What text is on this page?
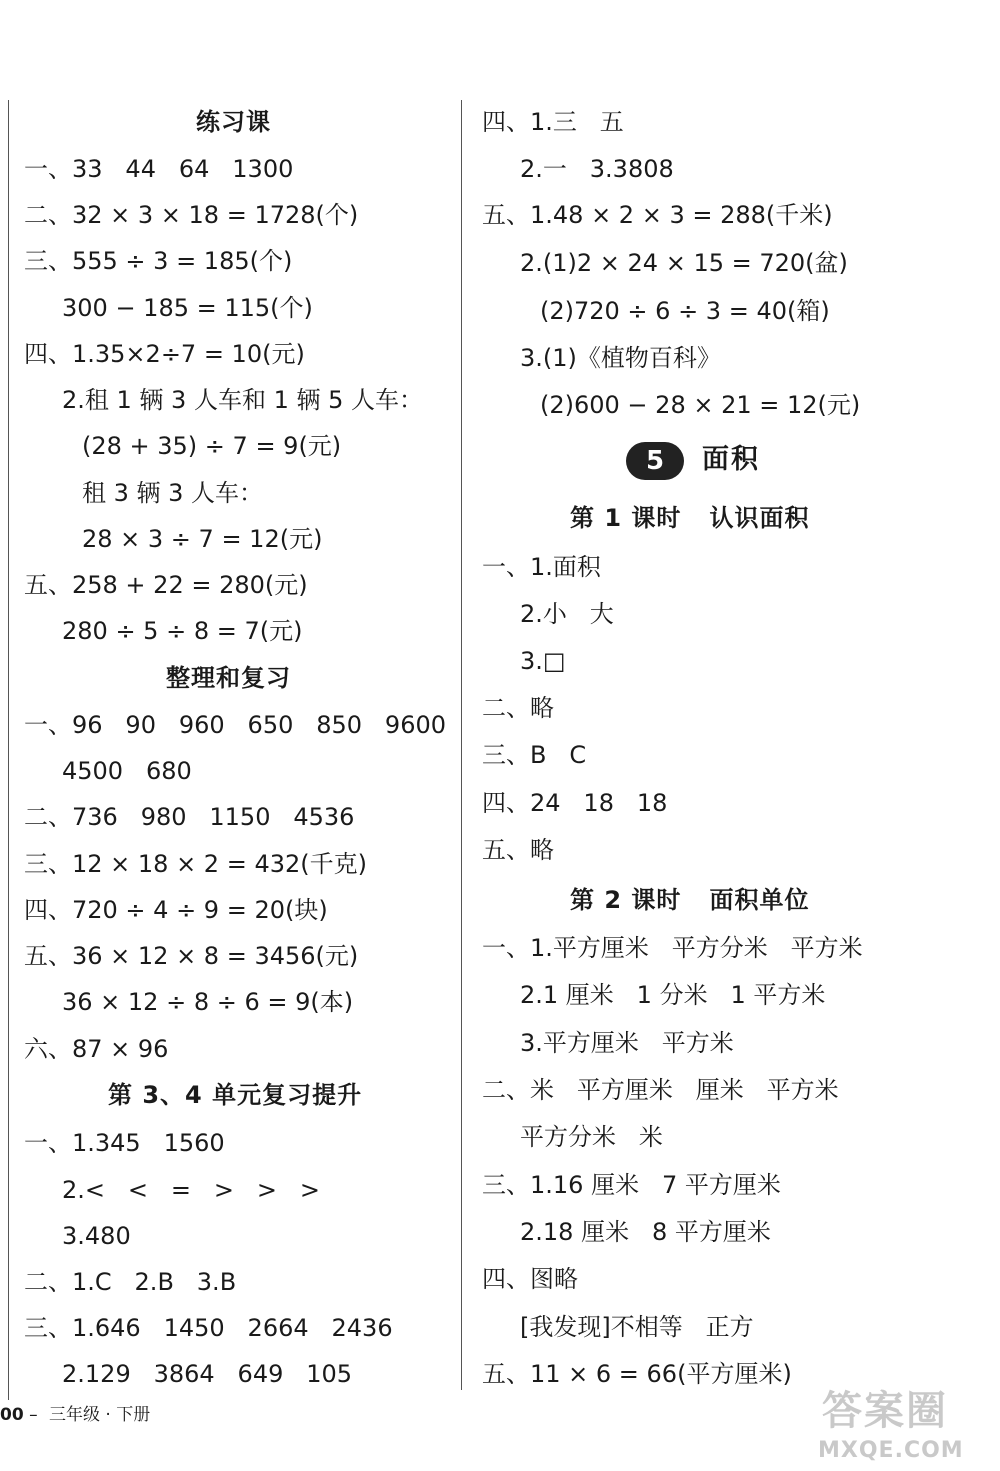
练习课
一、33   44   64   1300
二、32 × 3 × 18 = 1728(个)
三、555 ÷ 3 = 185(个)
300 − 185 = 115(个)
四、1.35×2÷7 = 10(元)
2.租 1 辆 3 人车和 1 辆 5 人车：
(28 + 35) ÷ 7 = 9(元)
租 3 辆 3 人车：
28 × 3 ÷ 7 = 12(元)
五、258 + 22 = 280(元)
280 ÷ 5 ÷ 8 = 7(元)
整理和复习
一、96   90   960   650   850   9600
4500   680
二、736   980   1150   4536
三、12 × 18 × 2 = 432(千克)
四、720 ÷ 4 ÷ 9 = 20(块)
五、36 × 12 × 8 = 3456(元)
36 × 12 ÷ 8 ÷ 6 = 9(本)
六、87 × 96
第 3、4 单元复习提升
一、1.345   1560
2.<   <   =   >   >   >
3.480
二、1.C   2.B   3.B
三、1.646   1450   2664   2436
2.129   3864   649   105
四、1.三   五
2.一   3.3808
五、1.48 × 2 × 3 = 288(千米)
2.(1)2 × 24 × 15 = 720(盆)
(2)720 ÷ 6 ÷ 3 = 40(箱)
3.(1)《植物百科》
(2)600 − 28 × 21 = 12(元)
5	面积
第 1 课时   认识面积
一、1.面积
2.小   大
3.□
二、略
三、B   C
四、24   18   18
五、略
第 2 课时   面积单位
一、1.平方厘米   平方分米   平方米
2.1 厘米   1 分米   1 平方米
3.平方厘米   平方米
二、米   平方厘米   厘米   平方米
平方分米   米
三、1.16 厘米   7 平方厘米
2.18 厘米   8 平方厘米
四、图略
[我发现]不相等   正方
五、11 × 6 = 66(平方厘米)
00 – 三年级 · 下册	答案圈
MXQE.COM
